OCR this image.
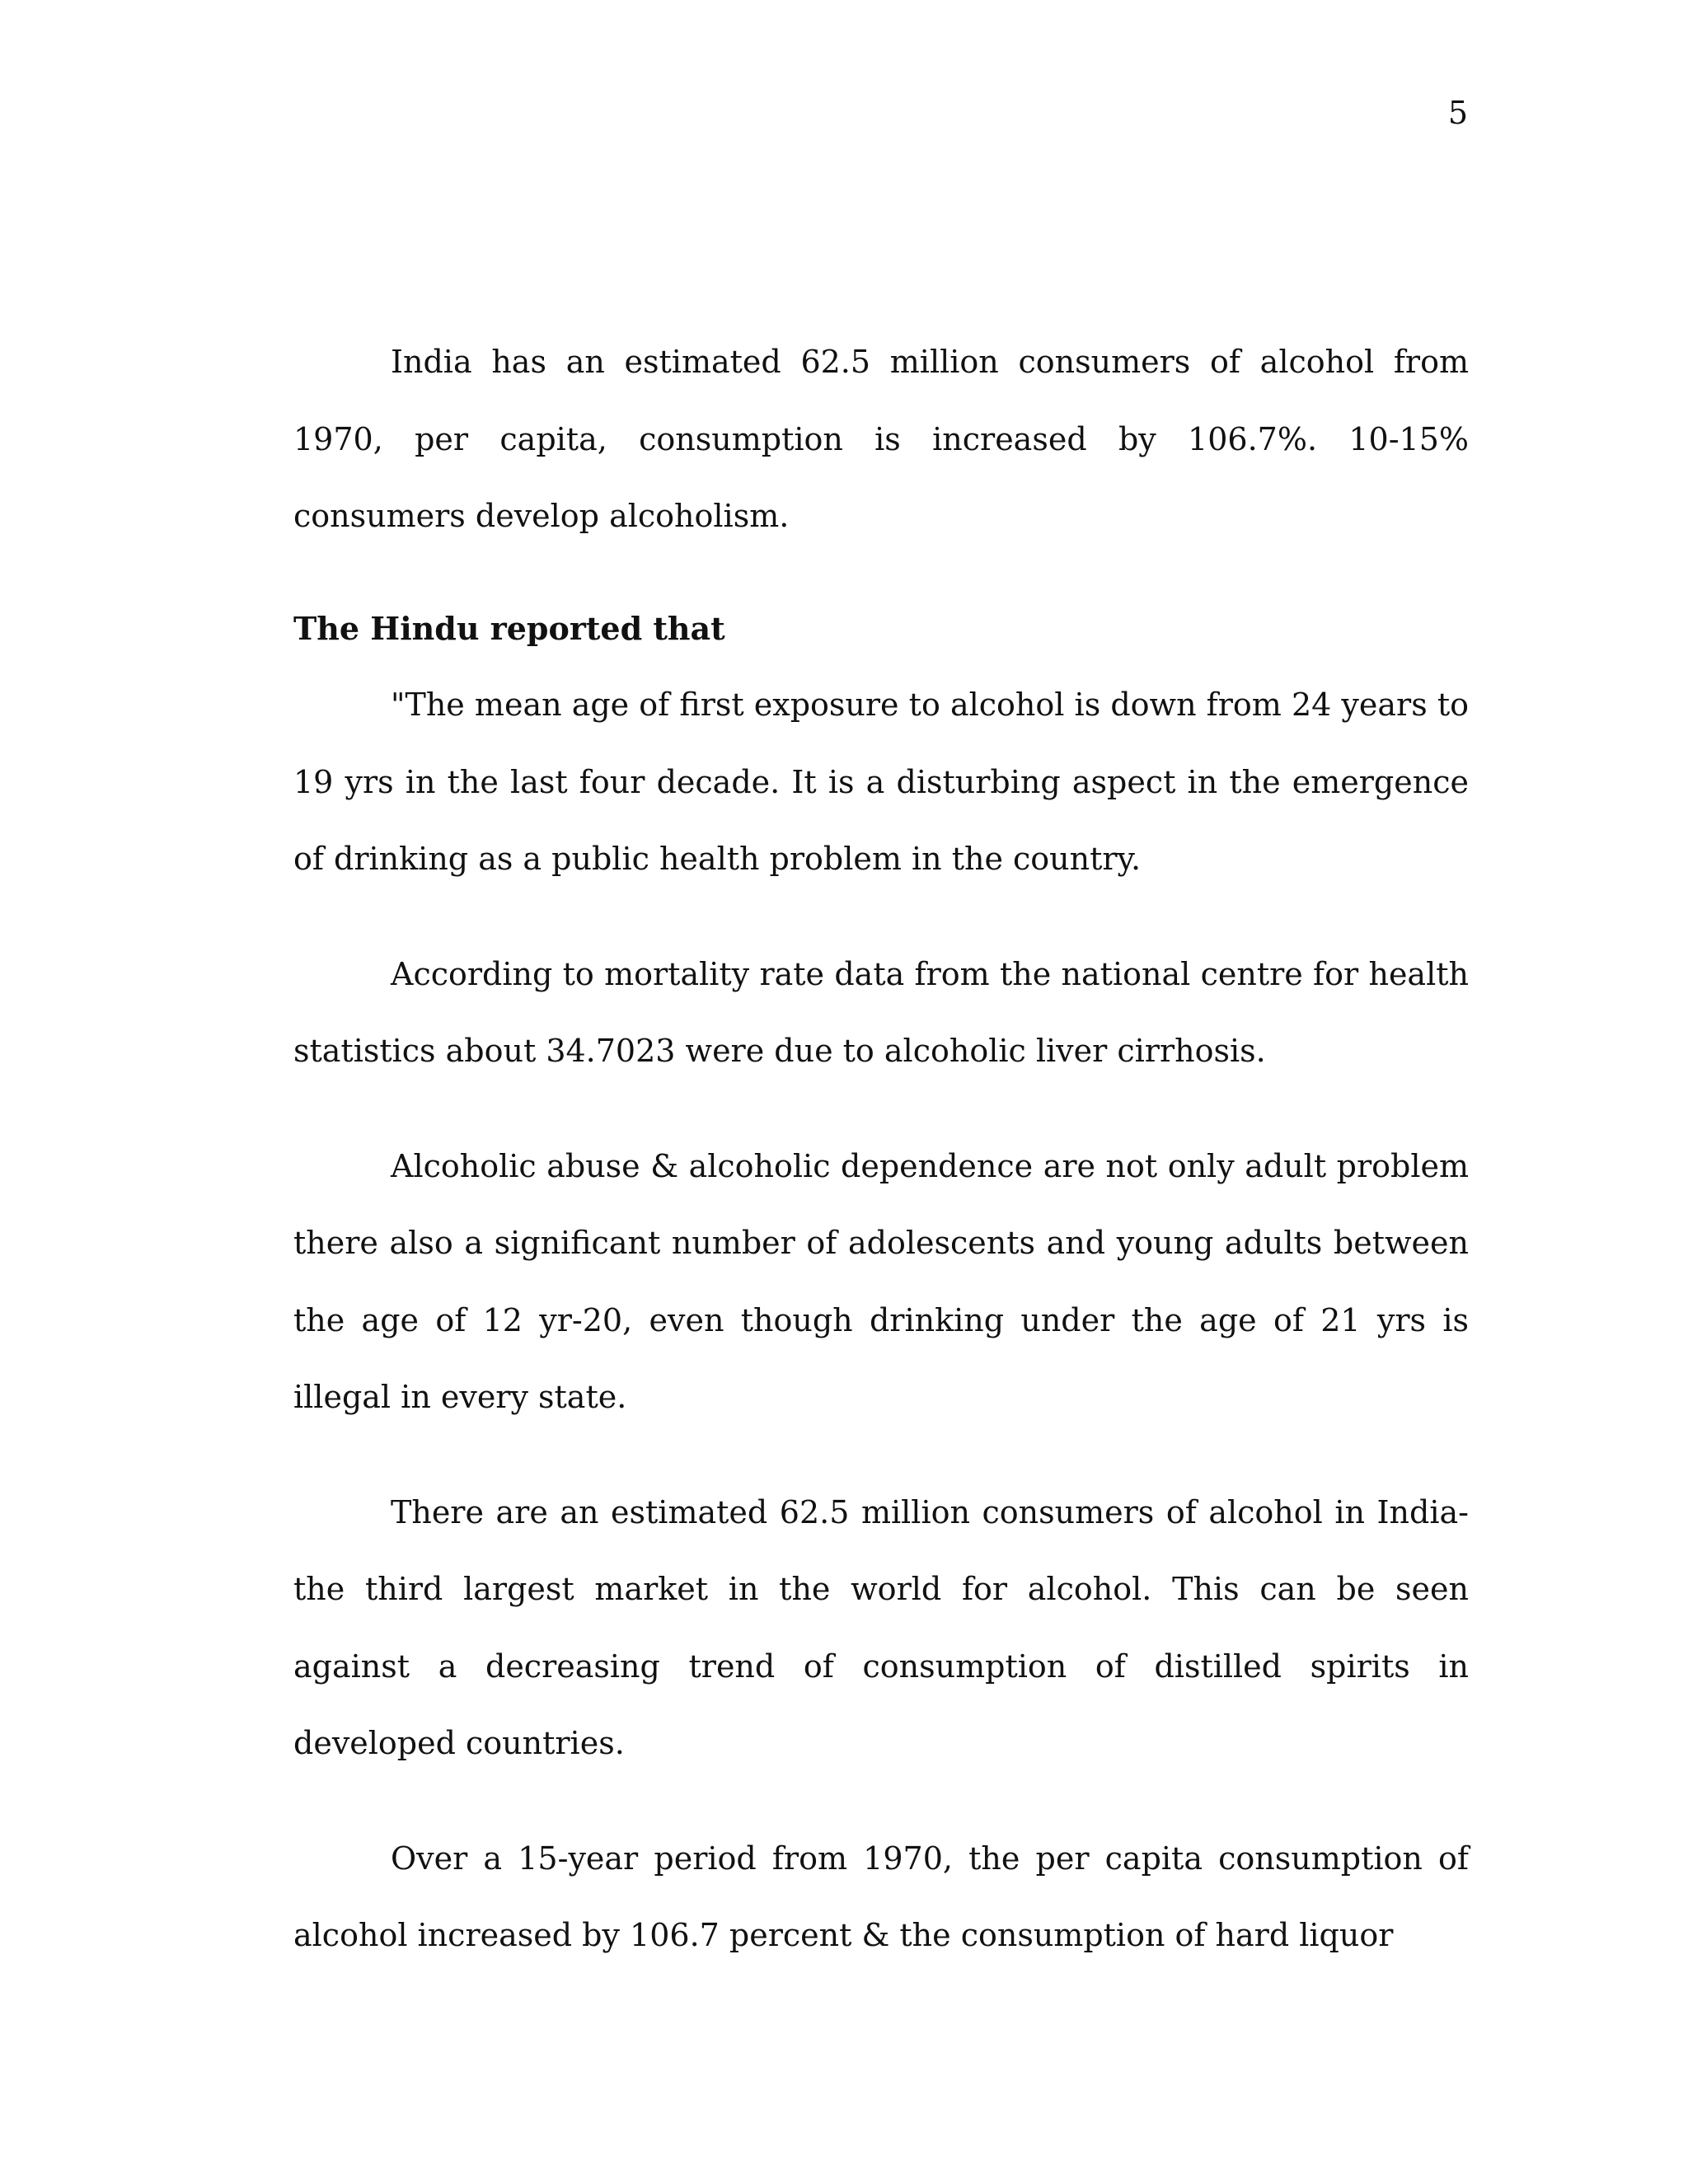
5

India has an estimated 62.5 million consumers of alcohol from 1970, per capita, consumption is increased by 106.7%. 10-15% consumers develop alcoholism.

The Hindu reported that

"The mean age of first exposure to alcohol is down from 24 years to 19 yrs in the last four decade. It is a disturbing aspect in the emergence of drinking as a public health problem in the country.

According to mortality rate data from the national centre for health statistics about 34.7023 were due to alcoholic liver cirrhosis.

Alcoholic abuse & alcoholic dependence are not only adult problem there also a significant number of adolescents and young adults between the age of 12 yr-20, even though drinking under the age of 21 yrs is illegal in every state.

There are an estimated 62.5 million consumers of alcohol in India-the third largest market in the world for alcohol. This can be seen against a decreasing trend of consumption of distilled spirits in developed countries.

Over a 15-year period from 1970, the per capita consumption of alcohol increased by 106.7 percent & the consumption of hard liquor
